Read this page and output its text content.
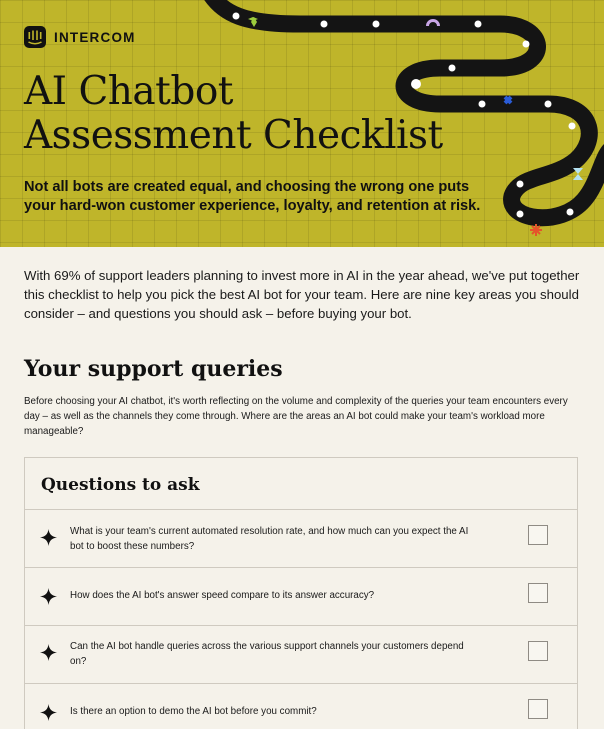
INTERCOM
AI Chatbot
Assessment Checklist

Not all bots are created equal, and choosing the wrong one puts your hard-won customer experience, loyalty, and retention at risk.

With 69% of support leaders planning to invest more in AI in the year ahead, we've put together this checklist to help you pick the best AI bot for your team. Here are nine key areas you should consider – and questions you should ask – before buying your bot.

Your support queries

Before choosing your AI chatbot, it's worth reflecting on the volume and complexity of the queries your team encounters every day – as well as the channels they come through. Where are the areas an AI bot could make your team's workload more manageable?

Questions to ask

What is your team's current automated resolution rate, and how much can you expect the AI bot to boost these numbers?

How does the AI bot's answer speed compare to its answer accuracy?

Can the AI bot handle queries across the various support channels your customers depend on?

Is there an option to demo the AI bot before you commit?
